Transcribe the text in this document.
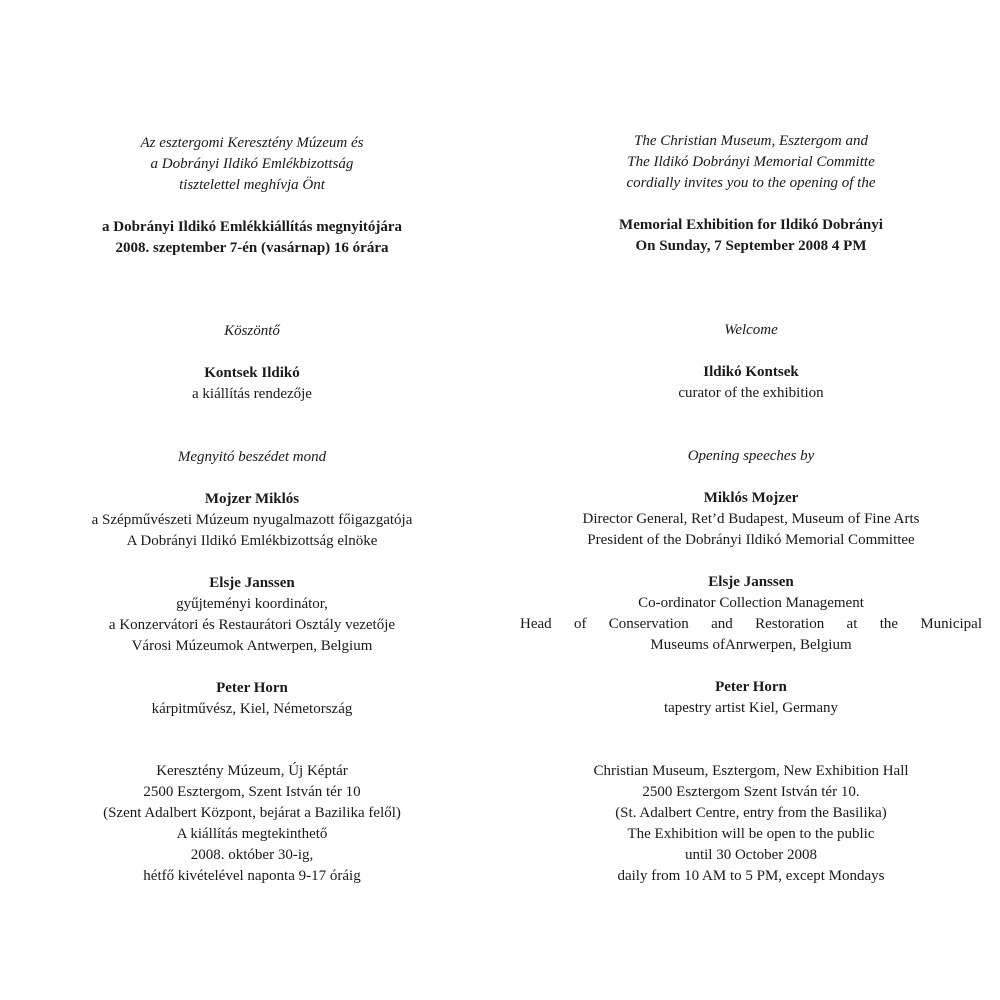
Az esztergomi Keresztény Múzeum és

a Dobrányi Ildikó Emlékbizottság

tisztelettel meghívja Önt

a Dobrányi Ildikó Emlékkiállítás megnyitójára

2008. szeptember 7-én (vasárnap) 16 órára

Köszöntő

Kontsek Ildikó

a kiállítás rendezője

Megnyitó beszédet mond

Mojzer Miklós

a Szépművészeti Múzeum nyugalmazott főigazgatója

A Dobrányi Ildikó Emlékbizottság elnöke

Elsje Janssen

gyűjteményi koordinátor,

a Konzervátori és Restaurátori Osztály vezetője

Városi Múzeumok Antwerpen, Belgium

Peter Horn

kárpitművész, Kiel, Németország

Keresztény Múzeum, Új Képtár

2500 Esztergom, Szent István tér 10

(Szent Adalbert Központ, bejárat a Bazilika felől)

A kiállítás megtekinthető

2008. október 30-ig,

hétfő kivételével naponta 9-17 óráig

The Christian Museum, Esztergom and

The Ildikó Dobrányi Memorial Committe

cordially invites you to the opening of the

Memorial Exhibition for Ildikó Dobrányi

On Sunday, 7 September 2008 4 PM

Welcome

Ildikó Kontsek

curator of the exhibition

Opening speeches by

Miklós Mojzer

Director General, Ret’d Budapest, Museum of Fine Arts

President of the Dobrányi Ildikó Memorial Committee

Elsje Janssen

Co-ordinator Collection Management

Head of Conservation and Restoration at the Municipal

Museums ofAnrwerpen, Belgium

Peter Horn

tapestry artist Kiel, Germany

Christian Museum, Esztergom, New Exhibition Hall

2500 Esztergom Szent István tér 10.

(St. Adalbert Centre, entry from the Basilika)

The Exhibition will be open to the public

until 30 October 2008

daily from 10 AM to 5 PM, except Mondays
